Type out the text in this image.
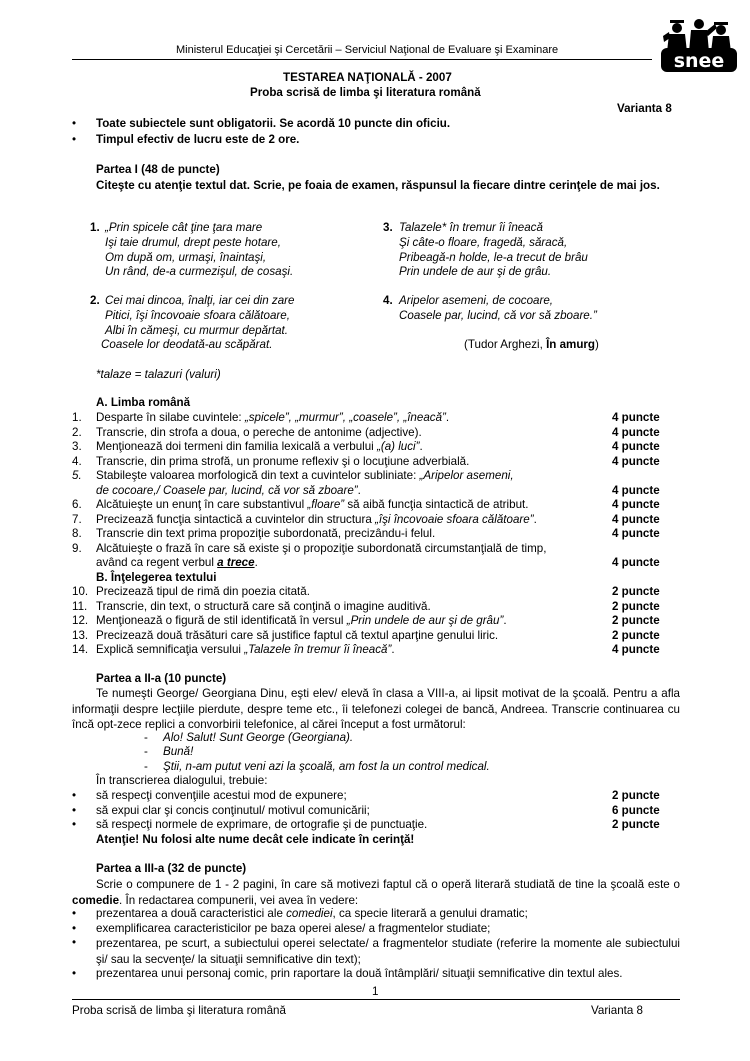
Ministerul Educaţiei şi Cercetării – Serviciul Naţional de Evaluare şi Examinare	snee
TESTAREA NAŢIONALĂ - 2007
Proba scrisă de limba şi literatura română
Varianta 8
• Toate subiectele sunt obligatorii. Se acordă 10 puncte din oficiu.
• Timpul efectiv de lucru este de 2 ore.
Partea I (48 de puncte)
Citeşte cu atenţie textul dat. Scrie, pe foaia de examen, răspunsul la fiecare dintre cerinţele de mai jos.
1. „Prin spicele cât ţine ţara mare
Işi taie drumul, drept peste hotare,
Om după om, urmaşi, înaintaşi,
Un rând, de-a curmezişul, de cosaşi.
2. Cei mai dincoa, înalţi, iar cei din zare
Pitici, îşi încovoaie sfoara călătoare,
Albi în cămeşi, cu murmur depărtat.
Coasele lor deodată-au scăpărat.
3. Talazele* în tremur îi îneacă
Şi câte-o floare, fragedă, săracă,
Pribeagă-n holde, le-a trecut de brâu
Prin undele de aur şi de grâu.
4. Aripelor asemeni, de cocoare,
Coasele par, lucind, că vor să zboare.”
(Tudor Arghezi, În amurg)
*talaze = talazuri (valuri)
A. Limba română
1. Desparte în silabe cuvintele: „spicele”, „murmur”, „coasele”, „îneacă”.	4 puncte
2. Transcrie, din strofa a doua, o pereche de antonime (adjective).	4 puncte
3. Menţionează doi termeni din familia lexicală a verbului „(a) luci”.	4 puncte
4. Transcrie, din prima strofă, un pronume reflexiv şi o locuţiune adverbială.	4 puncte
5. Stabileşte valoarea morfologică din text a cuvintelor subliniate: „Aripelor asemeni,
de cocoare,/ Coasele par, lucind, că vor să zboare”.	4 puncte
6. Alcătuieşte un enunţ în care substantivul „floare” să aibă funcţia sintactică de atribut.	4 puncte
7. Precizează funcţia sintactică a cuvintelor din structura „îşi încovoaie sfoara călătoare”.	4 puncte
8. Transcrie din text prima propoziţie subordonată, precizându-i felul.	4 puncte
9. Alcătuieşte o frază în care să existe şi o propoziţie subordonată circumstanţială de timp,
având ca regent verbul a trece.	4 puncte
B. Înţelegerea textului
10. Precizează tipul de rimă din poezia citată.	2 puncte
11. Transcrie, din text, o structură care să conţină o imagine auditivă.	2 puncte
12. Menţionează o figură de stil identificată în versul „Prin undele de aur şi de grâu”.	2 puncte
13. Precizează două trăsături care să justifice faptul că textul aparţine genului liric.	2 puncte
14. Explică semnificaţia versului „Talazele în tremur îi îneacă”.	4 puncte
Partea a II-a (10 puncte)
Te numeşti George/ Georgiana Dinu, eşti elev/ elevă în clasa a VIII-a, ai lipsit motivat de la şcoală. Pentru a afla informaţii despre lecţiile pierdute, despre teme etc., îi telefonezi colegei de bancă, Andreea. Transcrie continuarea cu încă opt-zece replici a convorbirii telefonice, al cărei început a fost următorul:
- Alo! Salut! Sunt George (Georgiana).
- Bună!
- Ştii, n-am putut veni azi la şcoală, am fost la un control medical.
În transcrierea dialogului, trebuie:
• să respecţi convenţiile acestui mod de expunere;	2 puncte
• să expui clar şi concis conţinutul/ motivul comunicării;	6 puncte
• să respecţi normele de exprimare, de ortografie şi de punctuaţie.	2 puncte
Atenţie! Nu folosi alte nume decât cele indicate în cerinţă!
Partea a III-a (32 de puncte)
Scrie o compunere de 1 - 2 pagini, în care să motivezi faptul că o operă literară studiată de tine la şcoală este o comedie. În redactarea compunerii, vei avea în vedere:
• prezentarea a două caracteristici ale comediei, ca specie literară a genului dramatic;
• exemplificarea caracteristicilor pe baza operei alese/ a fragmentelor studiate;
• prezentarea, pe scurt, a subiectului operei selectate/ a fragmentelor studiate (referire la momente ale subiectului şi/ sau la secvenţe/ la situaţii semnificative din text);
• prezentarea unui personaj comic, prin raportare la două întâmplări/ situaţii semnificative din textul ales.
1
Proba scrisă de limba şi literatura română	Varianta 8
